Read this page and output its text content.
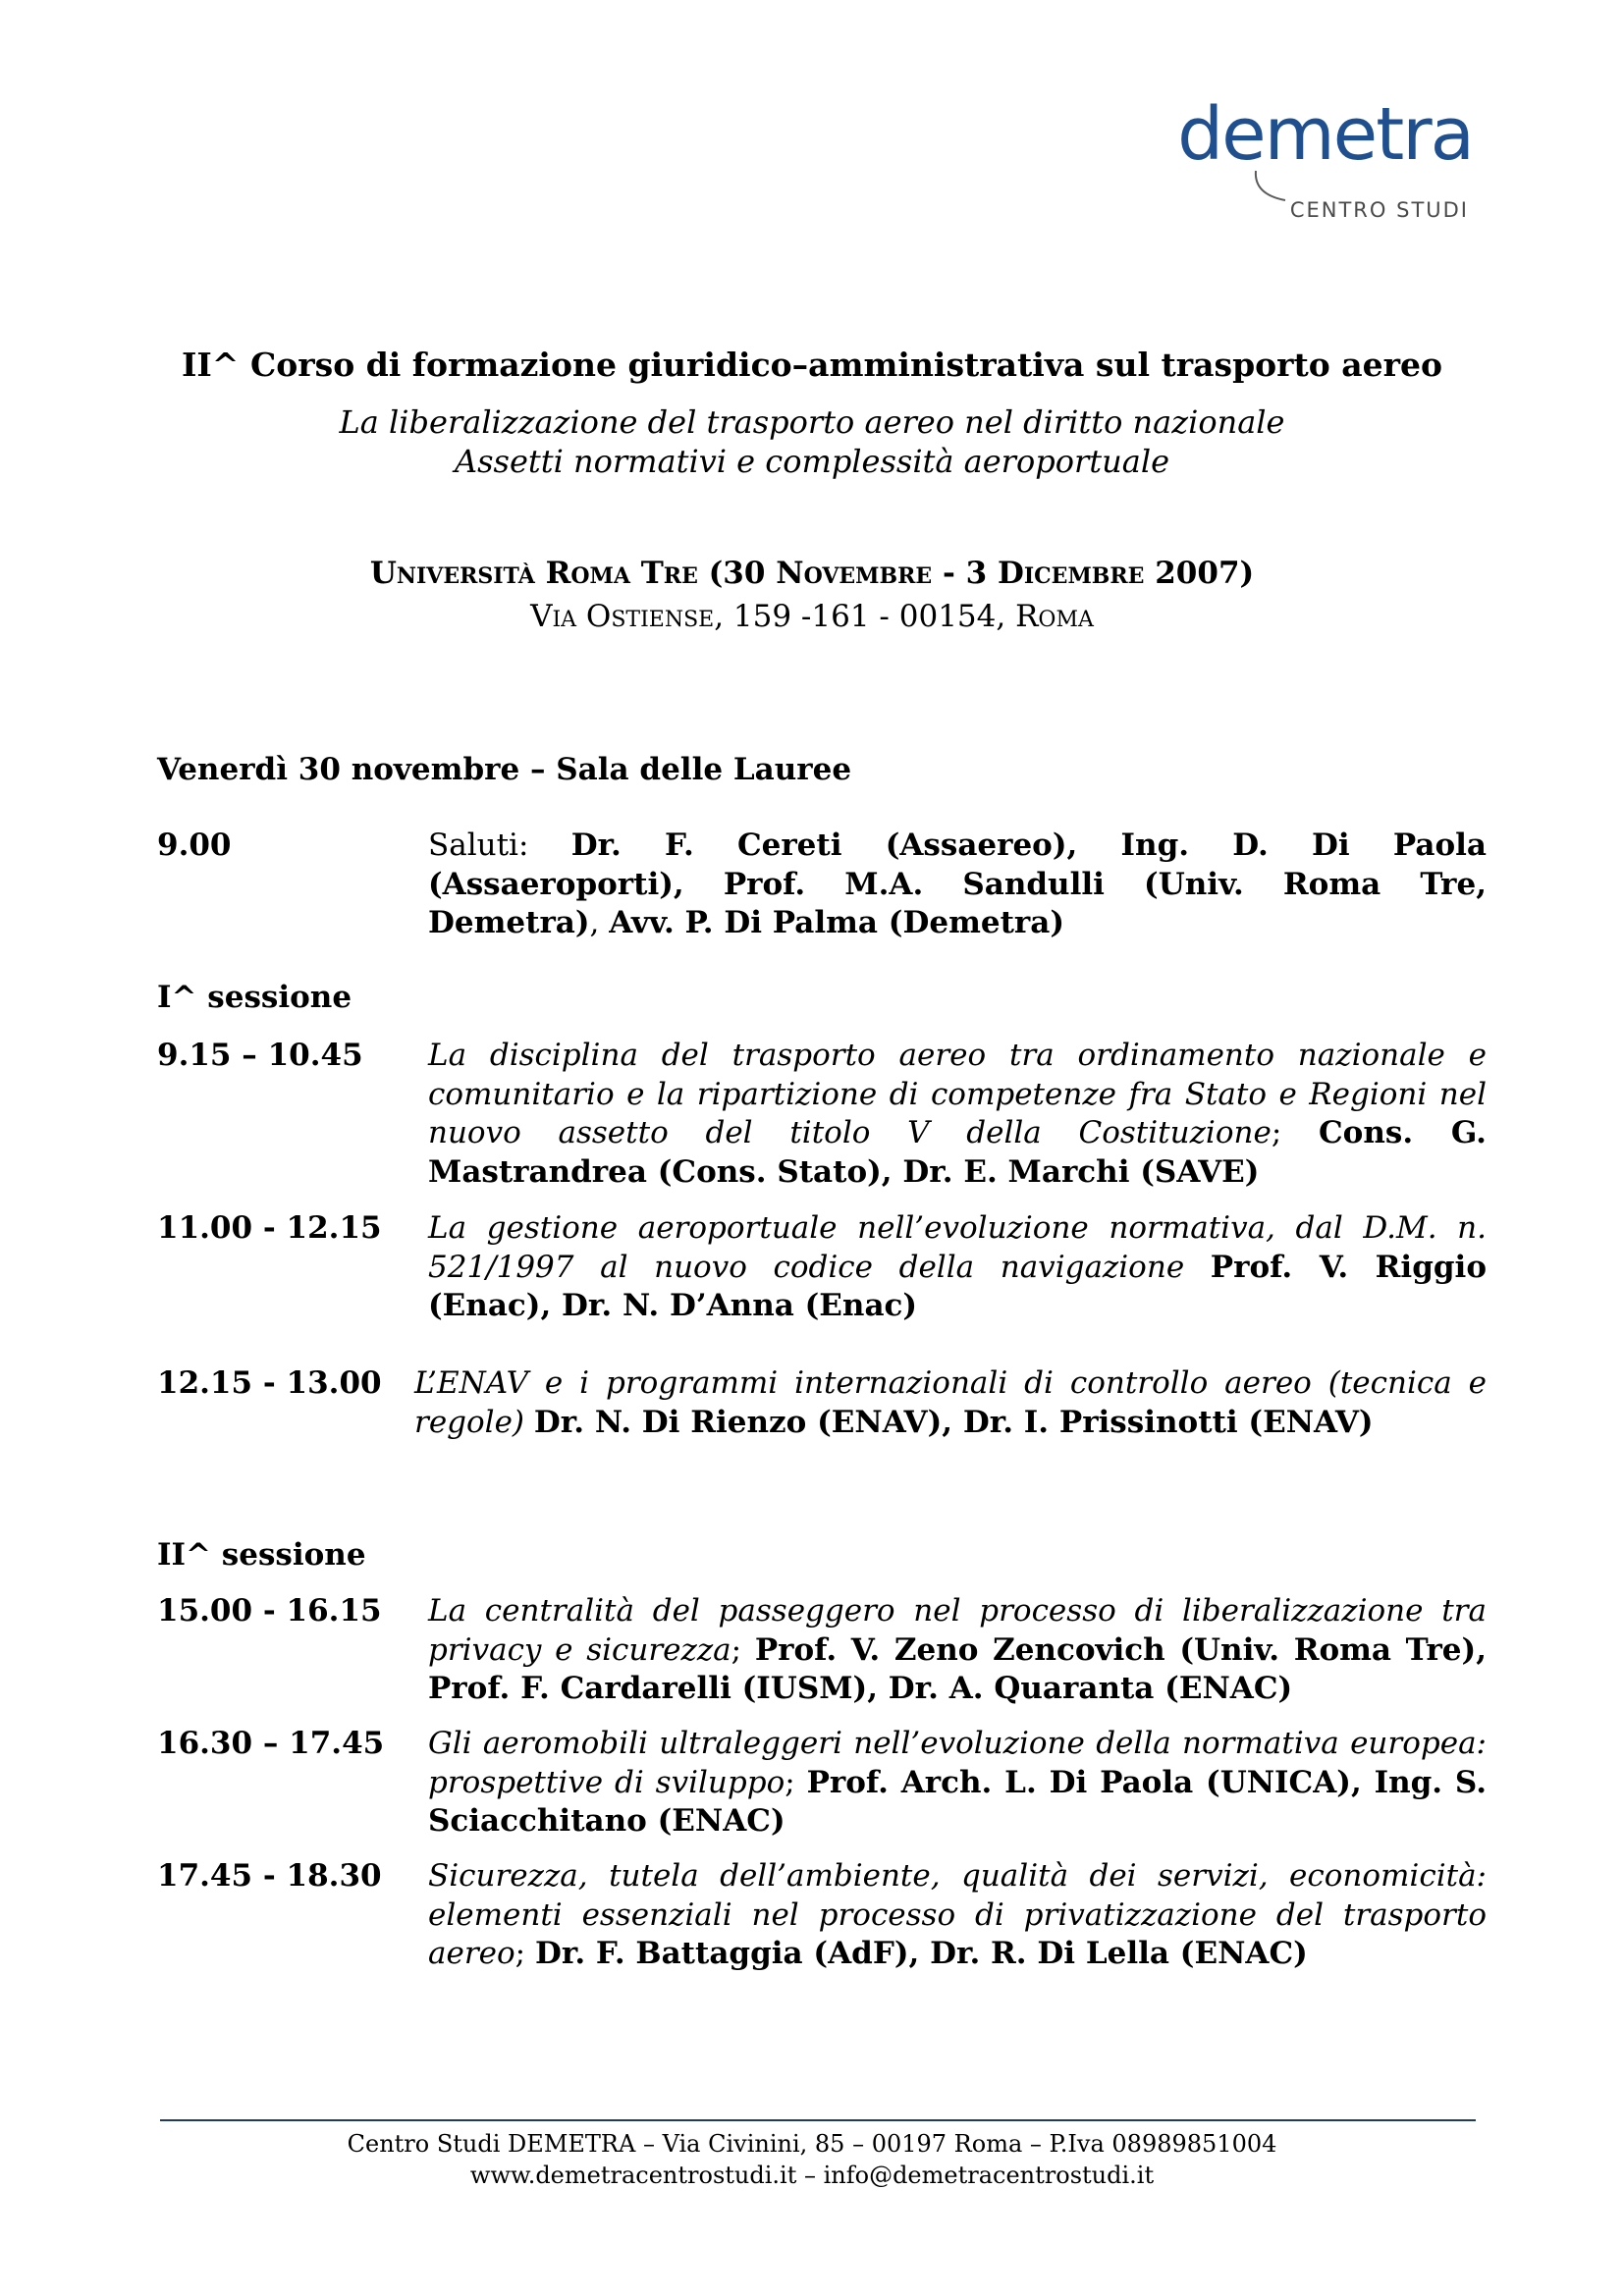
demetra
CENTRO STUDI
II^ Corso di formazione giuridico–amministrativa sul trasporto aereo
La liberalizzazione del trasporto aereo nel diritto nazionale
Assetti normativi e complessità aeroportuale
Università Roma Tre (30 Novembre - 3 Dicembre 2007)
Via Ostiense, 159 -161 - 00154, Roma
Venerdì 30 novembre – Sala delle Lauree
9.00	Saluti: Dr. F. Cereti (Assaereo), Ing. D. Di Paola (Assaeroporti), Prof. M.A. Sandulli (Univ. Roma Tre, Demetra), Avv. P. Di Palma (Demetra)
I^ sessione
9.15 – 10.45 La disciplina del trasporto aereo tra ordinamento nazionale e comunitario e la ripartizione di competenze fra Stato e Regioni nel nuovo assetto del titolo V della Costituzione; Cons. G. Mastrandrea (Cons. Stato), Dr. E. Marchi (SAVE)
11.00 - 12.15 La gestione aeroportuale nell’evoluzione normativa, dal D.M. n. 521/1997 al nuovo codice della navigazione Prof. V. Riggio (Enac), Dr. N. D’Anna (Enac)
12.15 - 13.00 L’ENAV e i programmi internazionali di controllo aereo (tecnica e regole) Dr. N. Di Rienzo (ENAV), Dr. I. Prissinotti (ENAV)
II^ sessione
15.00 - 16.15 La centralità del passeggero nel processo di liberalizzazione tra privacy e sicurezza; Prof. V. Zeno Zencovich (Univ. Roma Tre), Prof. F. Cardarelli (IUSM), Dr. A. Quaranta (ENAC)
16.30 – 17.45 Gli aeromobili ultraleggeri nell’evoluzione della normativa europea: prospettive di sviluppo; Prof. Arch. L. Di Paola (UNICA), Ing. S. Sciacchitano (ENAC)
17.45 - 18.30 Sicurezza, tutela dell’ambiente, qualità dei servizi, economicità: elementi essenziali nel processo di privatizzazione del trasporto aereo; Dr. F. Battaggia (AdF), Dr. R. Di Lella (ENAC)
Centro Studi DEMETRA – Via Civinini, 85 – 00197 Roma – P.Iva 08989851004
www.demetracentrostudi.it – info@demetracentrostudi.it
